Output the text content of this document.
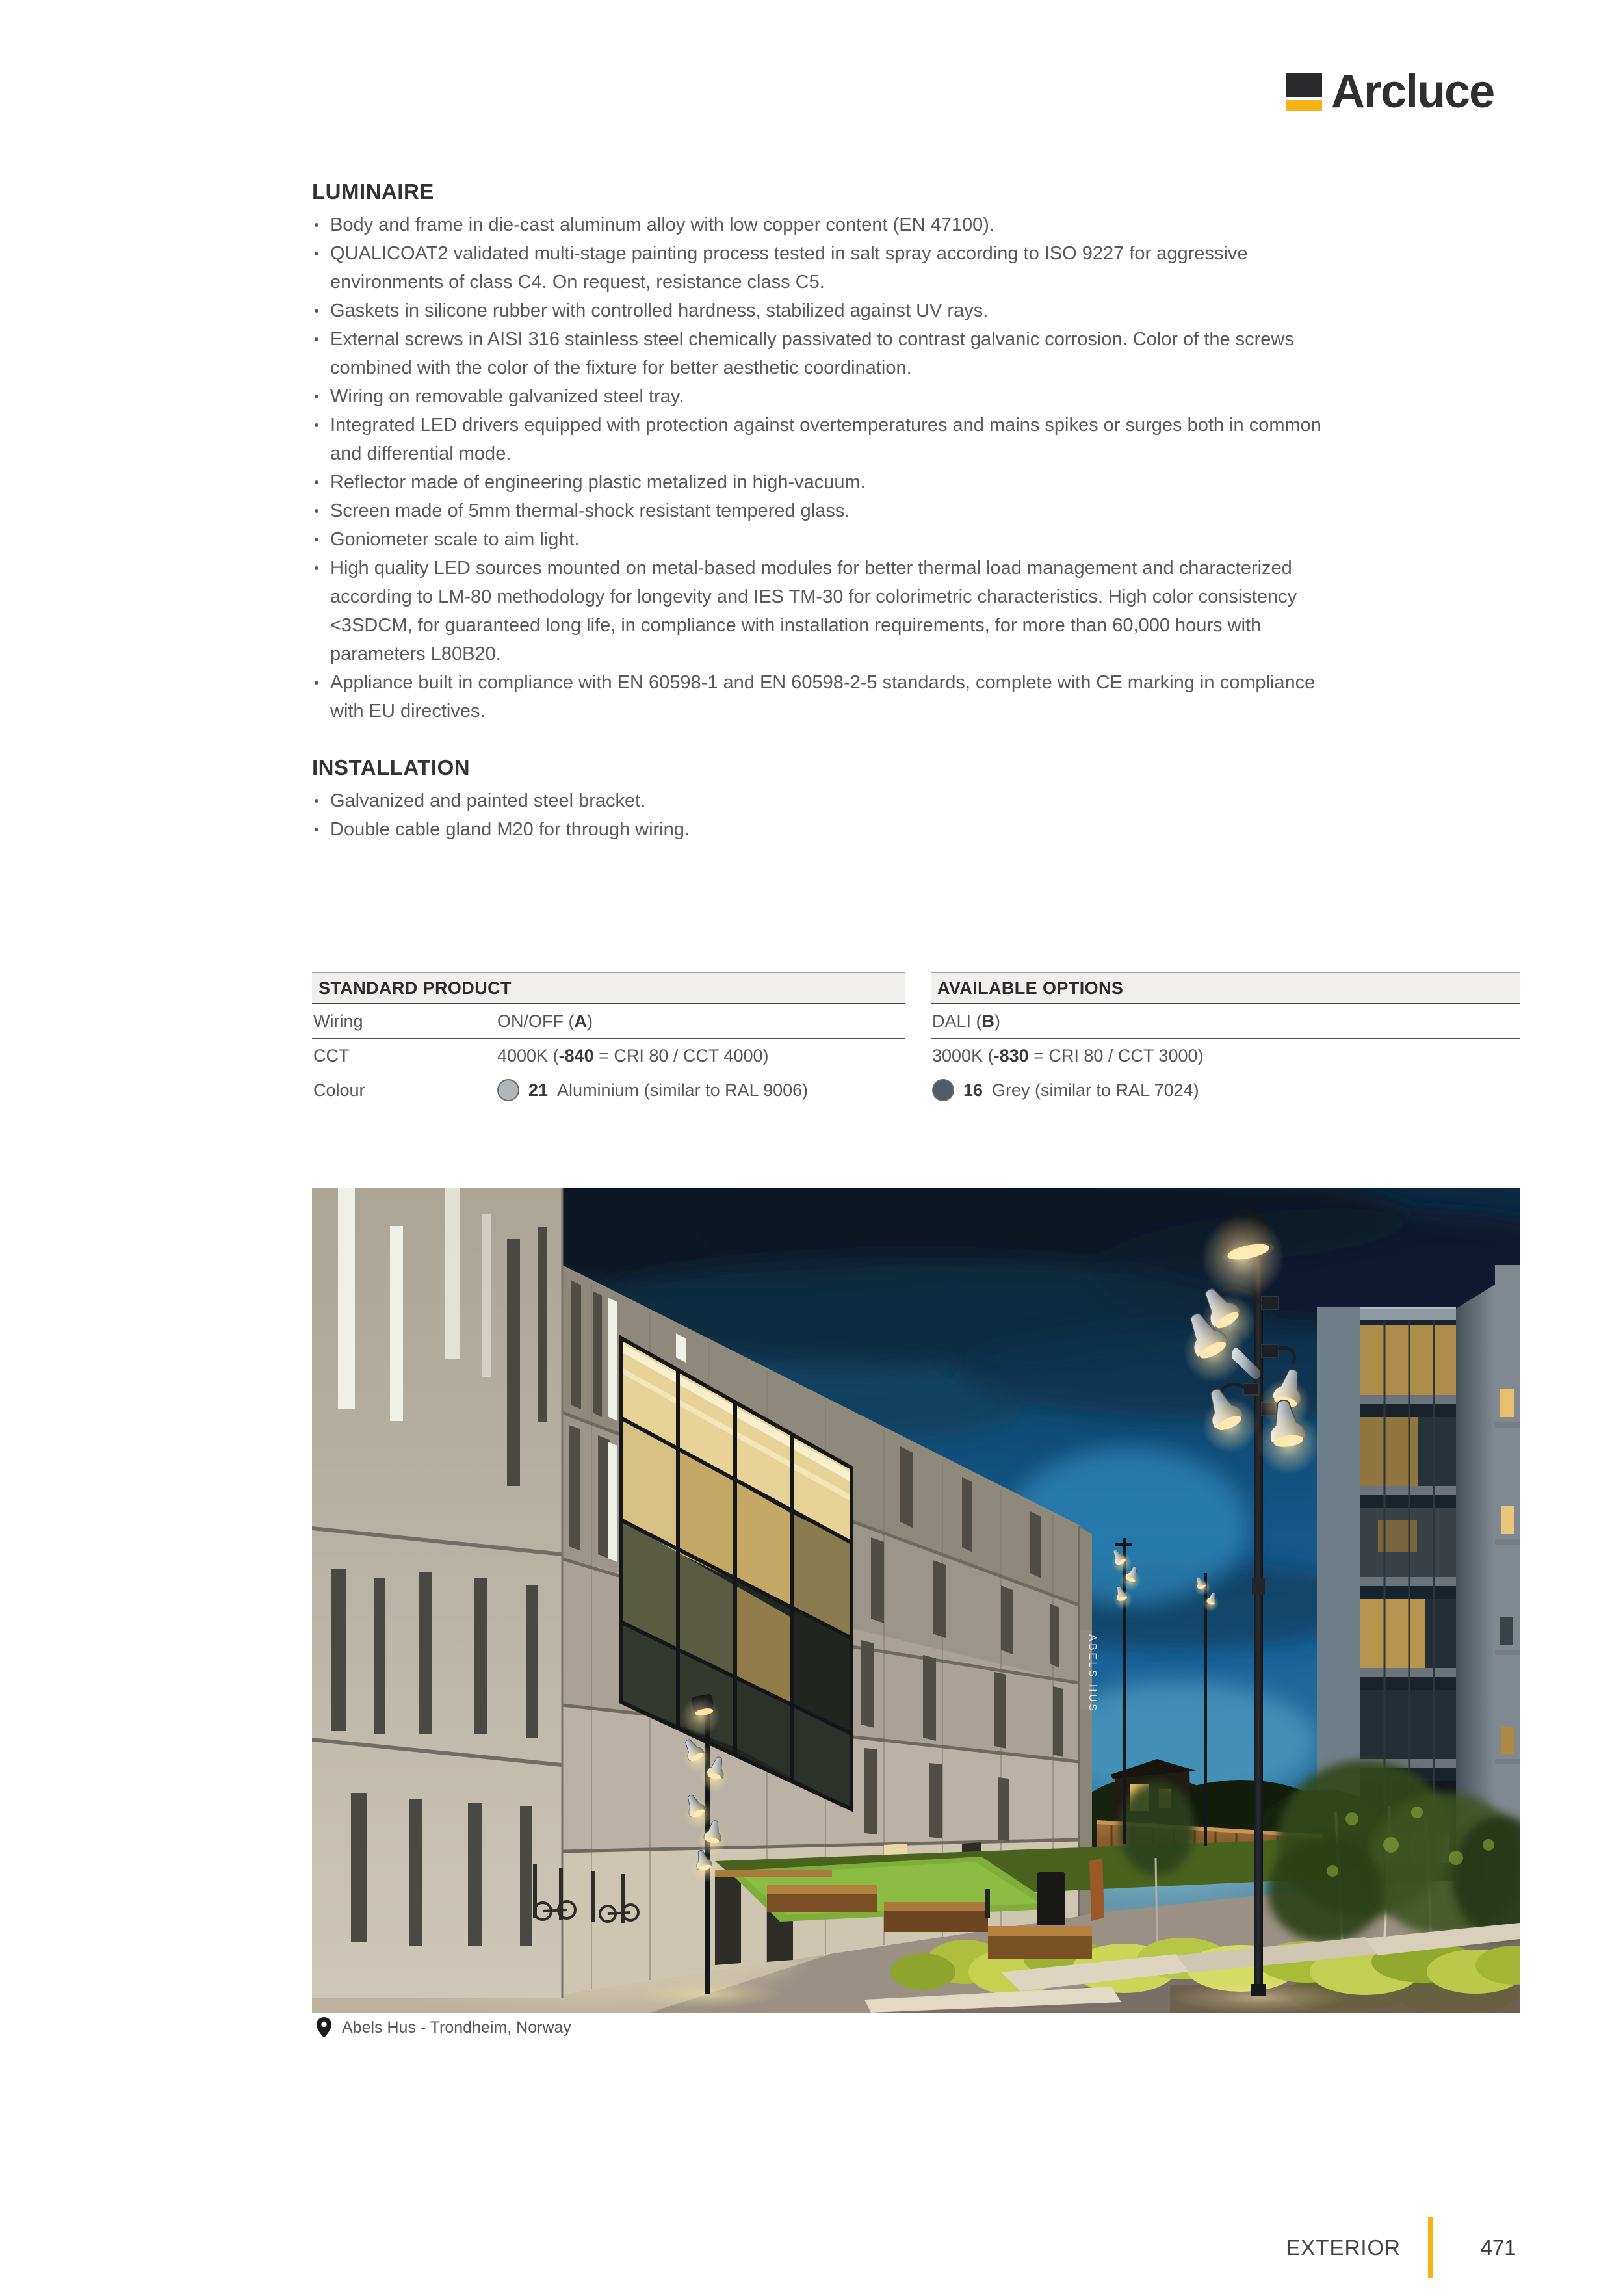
Arcluce
LUMINAIRE
Body and frame in die-cast aluminum alloy with low copper content (EN 47100).
QUALICOAT2 validated multi-stage painting process tested in salt spray according to ISO 9227 for aggressive environments of class C4. On request, resistance class C5.
Gaskets in silicone rubber with controlled hardness, stabilized against UV rays.
External screws in AISI 316 stainless steel chemically passivated to contrast galvanic corrosion. Color of the screws combined with the color of the fixture for better aesthetic coordination.
Wiring on removable galvanized steel tray.
Integrated LED drivers equipped with protection against overtemperatures and mains spikes or surges both in common and differential mode.
Reflector made of engineering plastic metalized in high-vacuum.
Screen made of 5mm thermal-shock resistant tempered glass.
Goniometer scale to aim light.
High quality LED sources mounted on metal-based modules for better thermal load management and characterized according to LM-80 methodology for longevity and IES TM-30 for colorimetric characteristics. High color consistency <3SDCM, for guaranteed long life, in compliance with installation requirements, for more than 60,000 hours with parameters L80B20.
Appliance built in compliance with EN 60598-1 and EN 60598-2-5 standards, complete with CE marking in compliance with EU directives.
INSTALLATION
Galvanized and painted steel bracket.
Double cable gland M20 for through wiring.
STANDARD PRODUCT
Wiring	ON/OFF (A)
CCT	4000K (-840 = CRI 80 / CCT 4000)
Colour	21 Aluminium (similar to RAL 9006)
AVAILABLE OPTIONS
DALI (B)
3000K (-830 = CRI 80 / CCT 3000)
16 Grey (similar to RAL 7024)
ABELS HUS
Abels Hus - Trondheim, Norway
EXTERIOR	471
